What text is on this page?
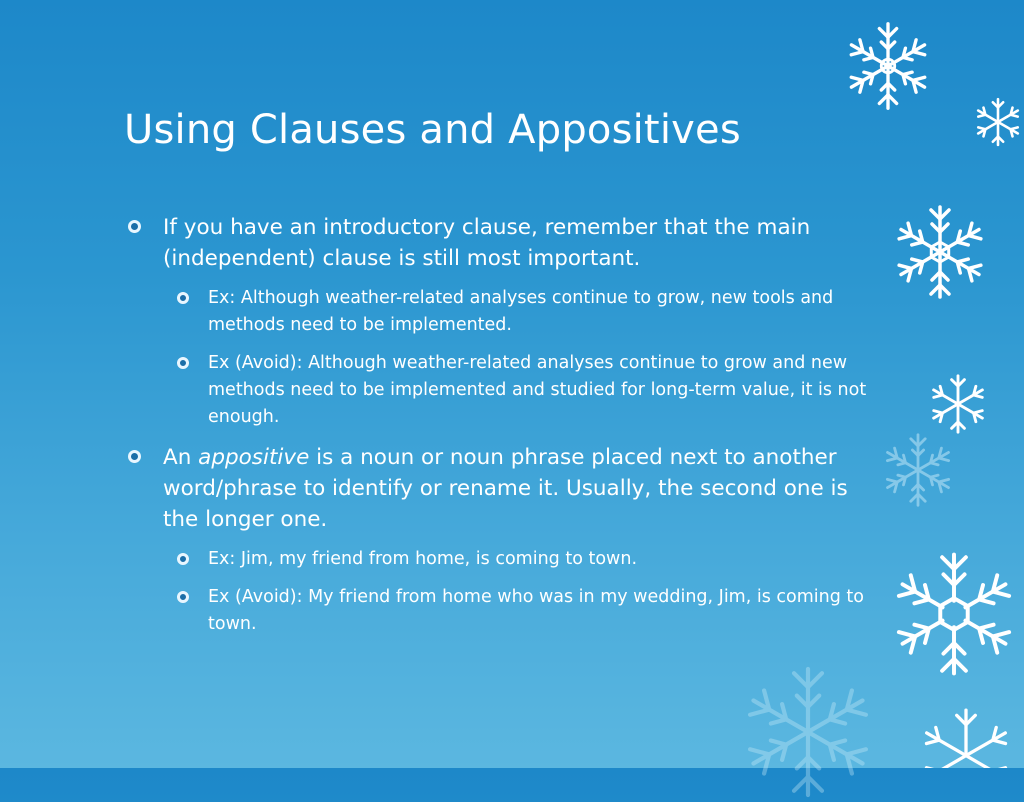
Using Clauses and Appositives
If you have an introductory clause, remember that the main (independent) clause is still most important.
Ex: Although weather-related analyses continue to grow, new tools and methods need to be implemented.
Ex (Avoid): Although weather-related analyses continue to grow and new methods need to be implemented and studied for long-term value, it is not enough.
An appositive is a noun or noun phrase placed next to another word/phrase to identify or rename it. Usually, the second one is the longer one.
Ex: Jim, my friend from home, is coming to town.
Ex (Avoid): My friend from home who was in my wedding, Jim, is coming to town.
